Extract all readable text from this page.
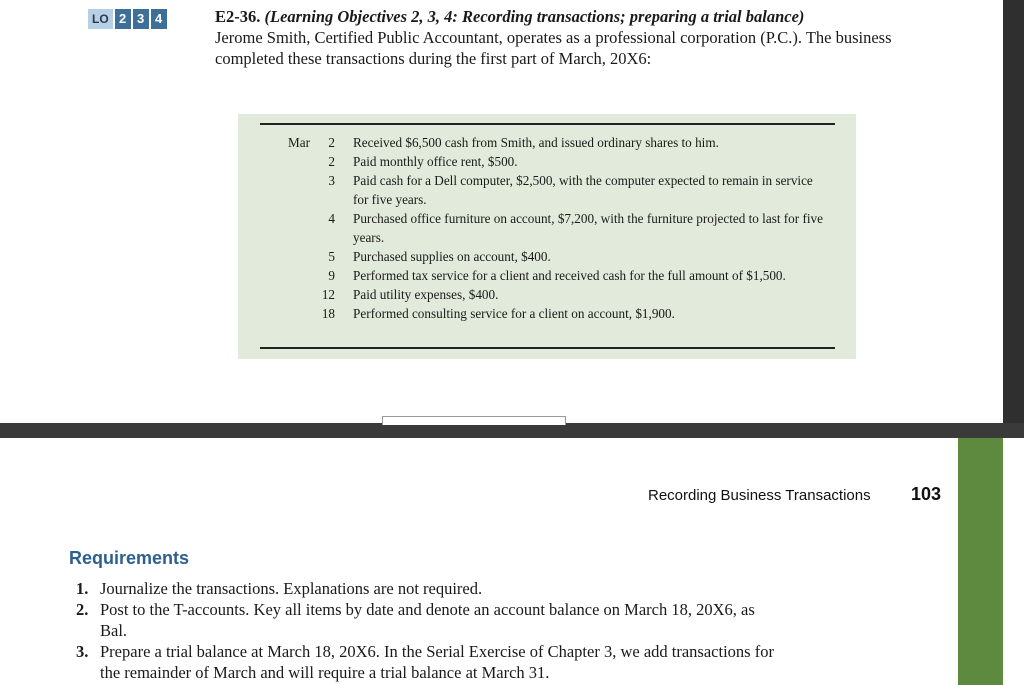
LO 2 3 4	E2-36. (Learning Objectives 2, 3, 4: Recording transactions; preparing a trial balance)
Jerome Smith, Certified Public Accountant, operates as a professional corporation (P.C.). The business completed these transactions during the first part of March, 20X6:
Mar	2	Received $6,500 cash from Smith, and issued ordinary shares to him.
2	Paid monthly office rent, $500.
3	Paid cash for a Dell computer, $2,500, with the computer expected to remain in service for five years.
4	Purchased office furniture on account, $7,200, with the furniture projected to last for five years.
5	Purchased supplies on account, $400.
9	Performed tax service for a client and received cash for the full amount of $1,500.
12	Paid utility expenses, $400.
18	Performed consulting service for a client on account, $1,900.
Recording Business Transactions 103
Requirements
1. Journalize the transactions. Explanations are not required.
2. Post to the T-accounts. Key all items by date and denote an account balance on March 18, 20X6, as Bal.
3. Prepare a trial balance at March 18, 20X6. In the Serial Exercise of Chapter 3, we add transactions for the remainder of March and will require a trial balance at March 31.
